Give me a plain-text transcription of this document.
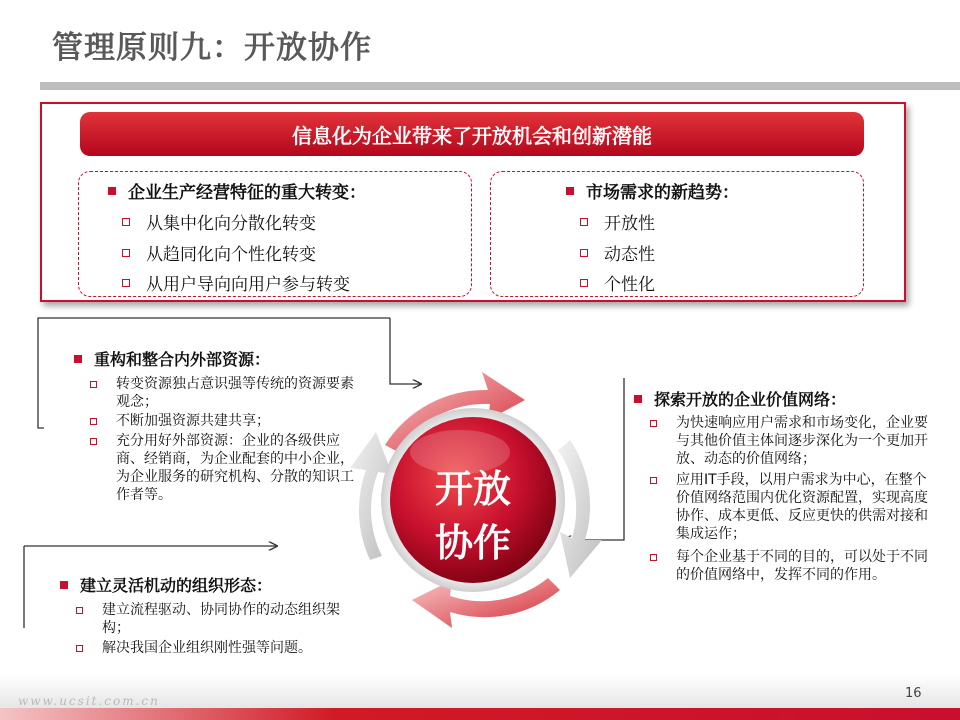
管理原则九：开放协作
信息化为企业带来了开放机会和创新潜能
企业生产经营特征的重大转变：
从集中化向分散化转变
从趋同化向个性化转变
从用户导向向用户参与转变
市场需求的新趋势：
开放性
动态性
个性化
开放
协作
重构和整合内外部资源：
转变资源独占意识强等传统的资源要素观念；
不断加强资源共建共享；
充分用好外部资源：企业的各级供应商、经销商，为企业配套的中小企业，为企业服务的研究机构、分散的知识工作者等。
建立灵活机动的组织形态：
建立流程驱动、协同协作的动态组织架构；
解决我国企业组织刚性强等问题。
探索开放的企业价值网络：
为快速响应用户需求和市场变化，企业要与其他价值主体间逐步深化为一个更加开放、动态的价值网络；
应用IT手段，以用户需求为中心，在整个价值网络范围内优化资源配置，实现高度协作、成本更低、反应更快的供需对接和集成运作；
每个企业基于不同的目的，可以处于不同的价值网络中，发挥不同的作用。
www.ucsit.com.cn	16
